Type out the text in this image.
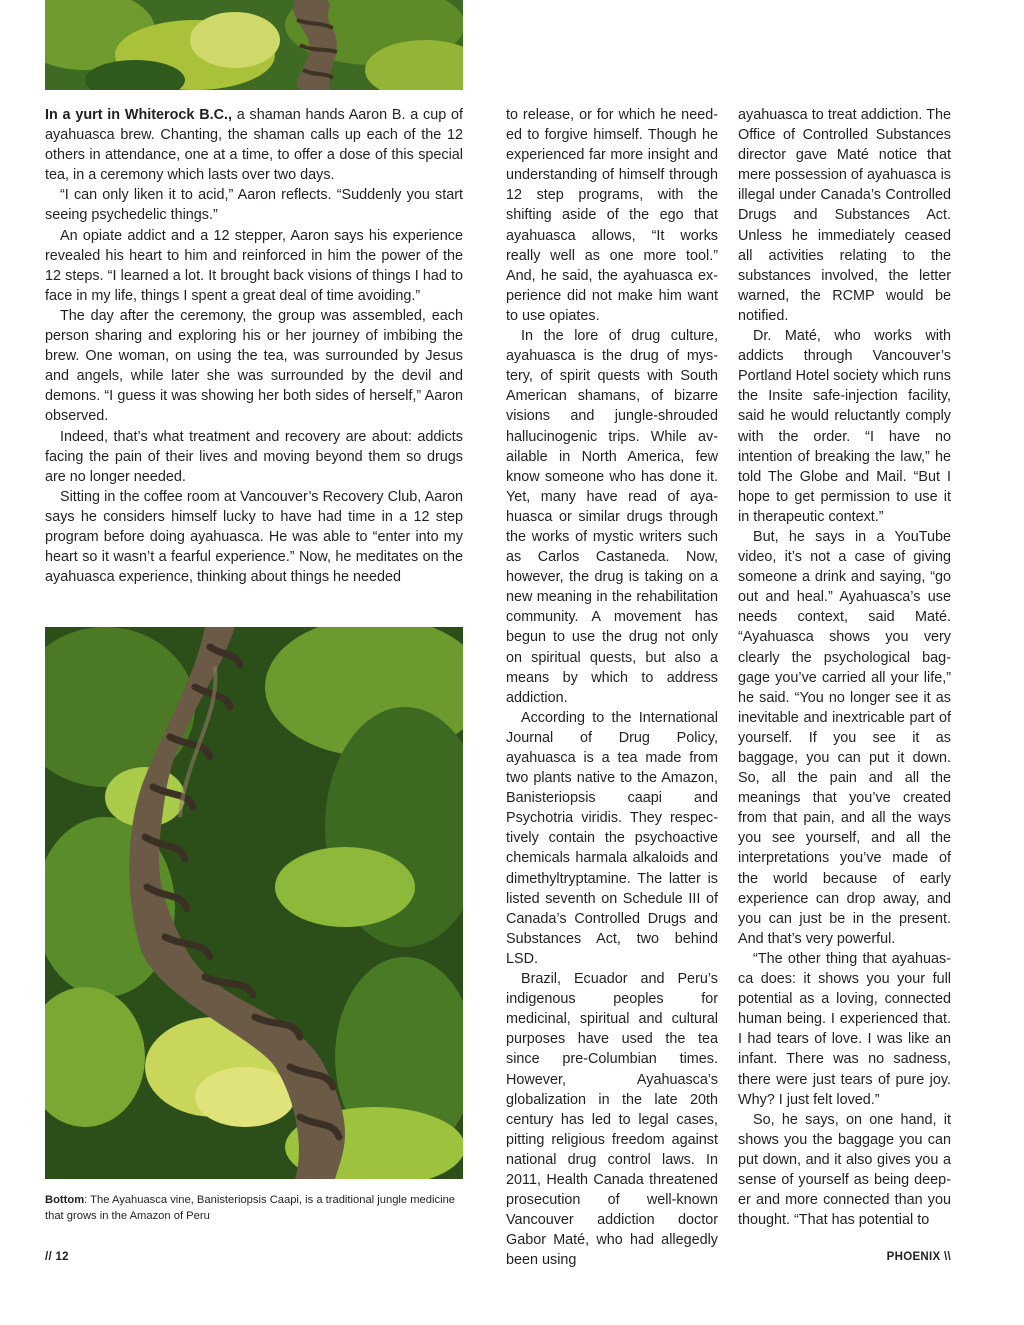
In a yurt in Whiterock B.C., a shaman hands Aaron B. a cup of ayahuasca brew. Chanting, the shaman calls up each of the 12 others in attendance, one at a time, to offer a dose of this special tea, in a ceremony which lasts over two days.

“I can only liken it to acid,” Aaron reflects. “Suddenly you start seeing psychedelic things.”

An opiate addict and a 12 stepper, Aaron says his experience revealed his heart to him and reinforced in him the power of the 12 steps. “I learned a lot. It brought back visions of things I had to face in my life, things I spent a great deal of time avoiding.”

The day after the ceremony, the group was assembled, each person sharing and exploring his or her journey of imbibing the brew. One woman, on using the tea, was surrounded by Jesus and angels, while later she was surrounded by the devil and demons. “I guess it was showing her both sides of herself,” Aaron observed.

Indeed, that’s what treatment and recovery are about: addicts facing the pain of their lives and moving beyond them so drugs are no longer needed.

Sitting in the coffee room at Vancouver’s Recovery Club, Aaron says he considers himself lucky to have had time in a 12 step program before doing ayahuasca. He was able to “enter into my heart so it wasn’t a fearful experience.” Now, he meditates on the ayahuasca experience, thinking about things he needed

Bottom: The Ayahuasca vine, Banisteriopsis Caapi, is a traditional jungle medicine that grows in the Amazon of Peru

to release, or for which he needed to forgive himself. Though he experienced far more insight and understanding of himself through 12 step programs, with the shifting aside of the ego that ayahuasca allows, “It works really well as one more tool.” And, he said, the ayahuasca experience did not make him want to use opiates.

In the lore of drug culture, ayahuasca is the drug of mystery, of spirit quests with South American shamans, of bizarre visions and jungle-shrouded hallucinogenic trips. While available in North America, few know someone who has done it. Yet, many have read of ayahuasca or similar drugs through the works of mystic writers such as Carlos Castaneda. Now, however, the drug is taking on a new meaning in the rehabilitation community. A movement has begun to use the drug not only on spiritual quests, but also a means by which to address addiction.

According to the International Journal of Drug Policy, ayahuasca is a tea made from two plants native to the Amazon, Banisteriopsis caapi and Psychotria viridis. They respectively contain the psychoactive chemicals harmala alkaloids and dimethyltryptamine. The latter is listed seventh on Schedule III of Canada’s Controlled Drugs and Substances Act, two behind LSD.

Brazil, Ecuador and Peru’s indigenous peoples for medicinal, spiritual and cultural purposes have used the tea since pre-Columbian times. However, Ayahuasca’s globalization in the late 20th century has led to legal cases, pitting religious freedom against national drug control laws. In 2011, Health Canada threatened prosecution of well-known Vancouver addiction doctor Gabor Maté, who had allegedly been using

ayahuasca to treat addiction. The Office of Controlled Substances director gave Maté notice that mere possession of ayahuasca is illegal under Canada’s Controlled Drugs and Substances Act. Unless he immediately ceased all activities relating to the substances involved, the letter warned, the RCMP would be notified.

Dr. Maté, who works with addicts through Vancouver’s Portland Hotel society which runs the Insite safe-injection facility, said he would reluctantly comply with the order. “I have no intention of breaking the law,” he told The Globe and Mail. “But I hope to get permission to use it in therapeutic context.”

But, he says in a YouTube video, it’s not a case of giving someone a drink and saying, “go out and heal.” Ayahuasca’s use needs context, said Maté. “Ayahuasca shows you very clearly the psychological baggage you’ve carried all your life,” he said. “You no longer see it as inevitable and inextricable part of yourself. If you see it as baggage, you can put it down. So, all the pain and all the meanings that you’ve created from that pain, and all the ways you see yourself, and all the interpretations you’ve made of the world because of early experience can drop away, and you can just be in the present. And that’s very powerful.

“The other thing that ayahuasca does: it shows you your full potential as a loving, connected human being. I experienced that. I had tears of love. I was like an infant. There was no sadness, there were just tears of pure joy. Why? I just felt loved.”

So, he says, on one hand, it shows you the baggage you can put down, and it also gives you a sense of yourself as being deeper and more connected than you thought. “That has potential to

// 12	PHOENIX \\
